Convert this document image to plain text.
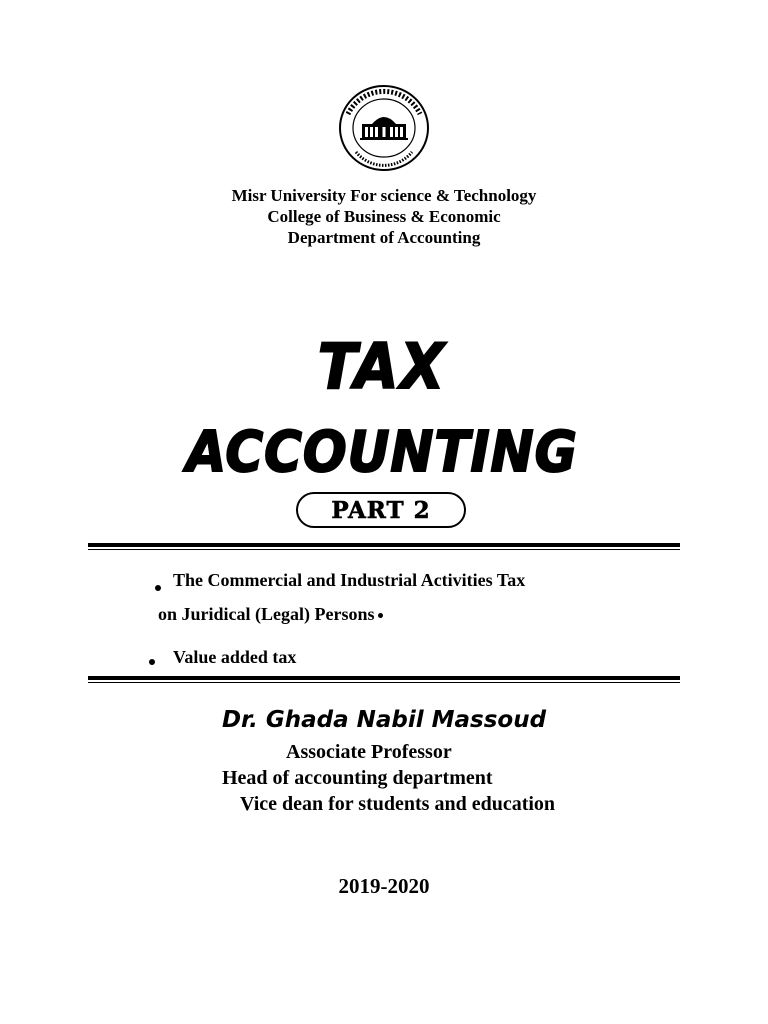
Misr University For science & Technology
College of Business & Economic
Department of Accounting
TAX
ACCOUNTING
PART 2
The Commercial and Industrial Activities Tax
on Juridical (Legal) Persons
Value added tax
Dr. Ghada Nabil Massoud
Associate Professor
Head of accounting department
Vice dean for students and education
2019-2020
